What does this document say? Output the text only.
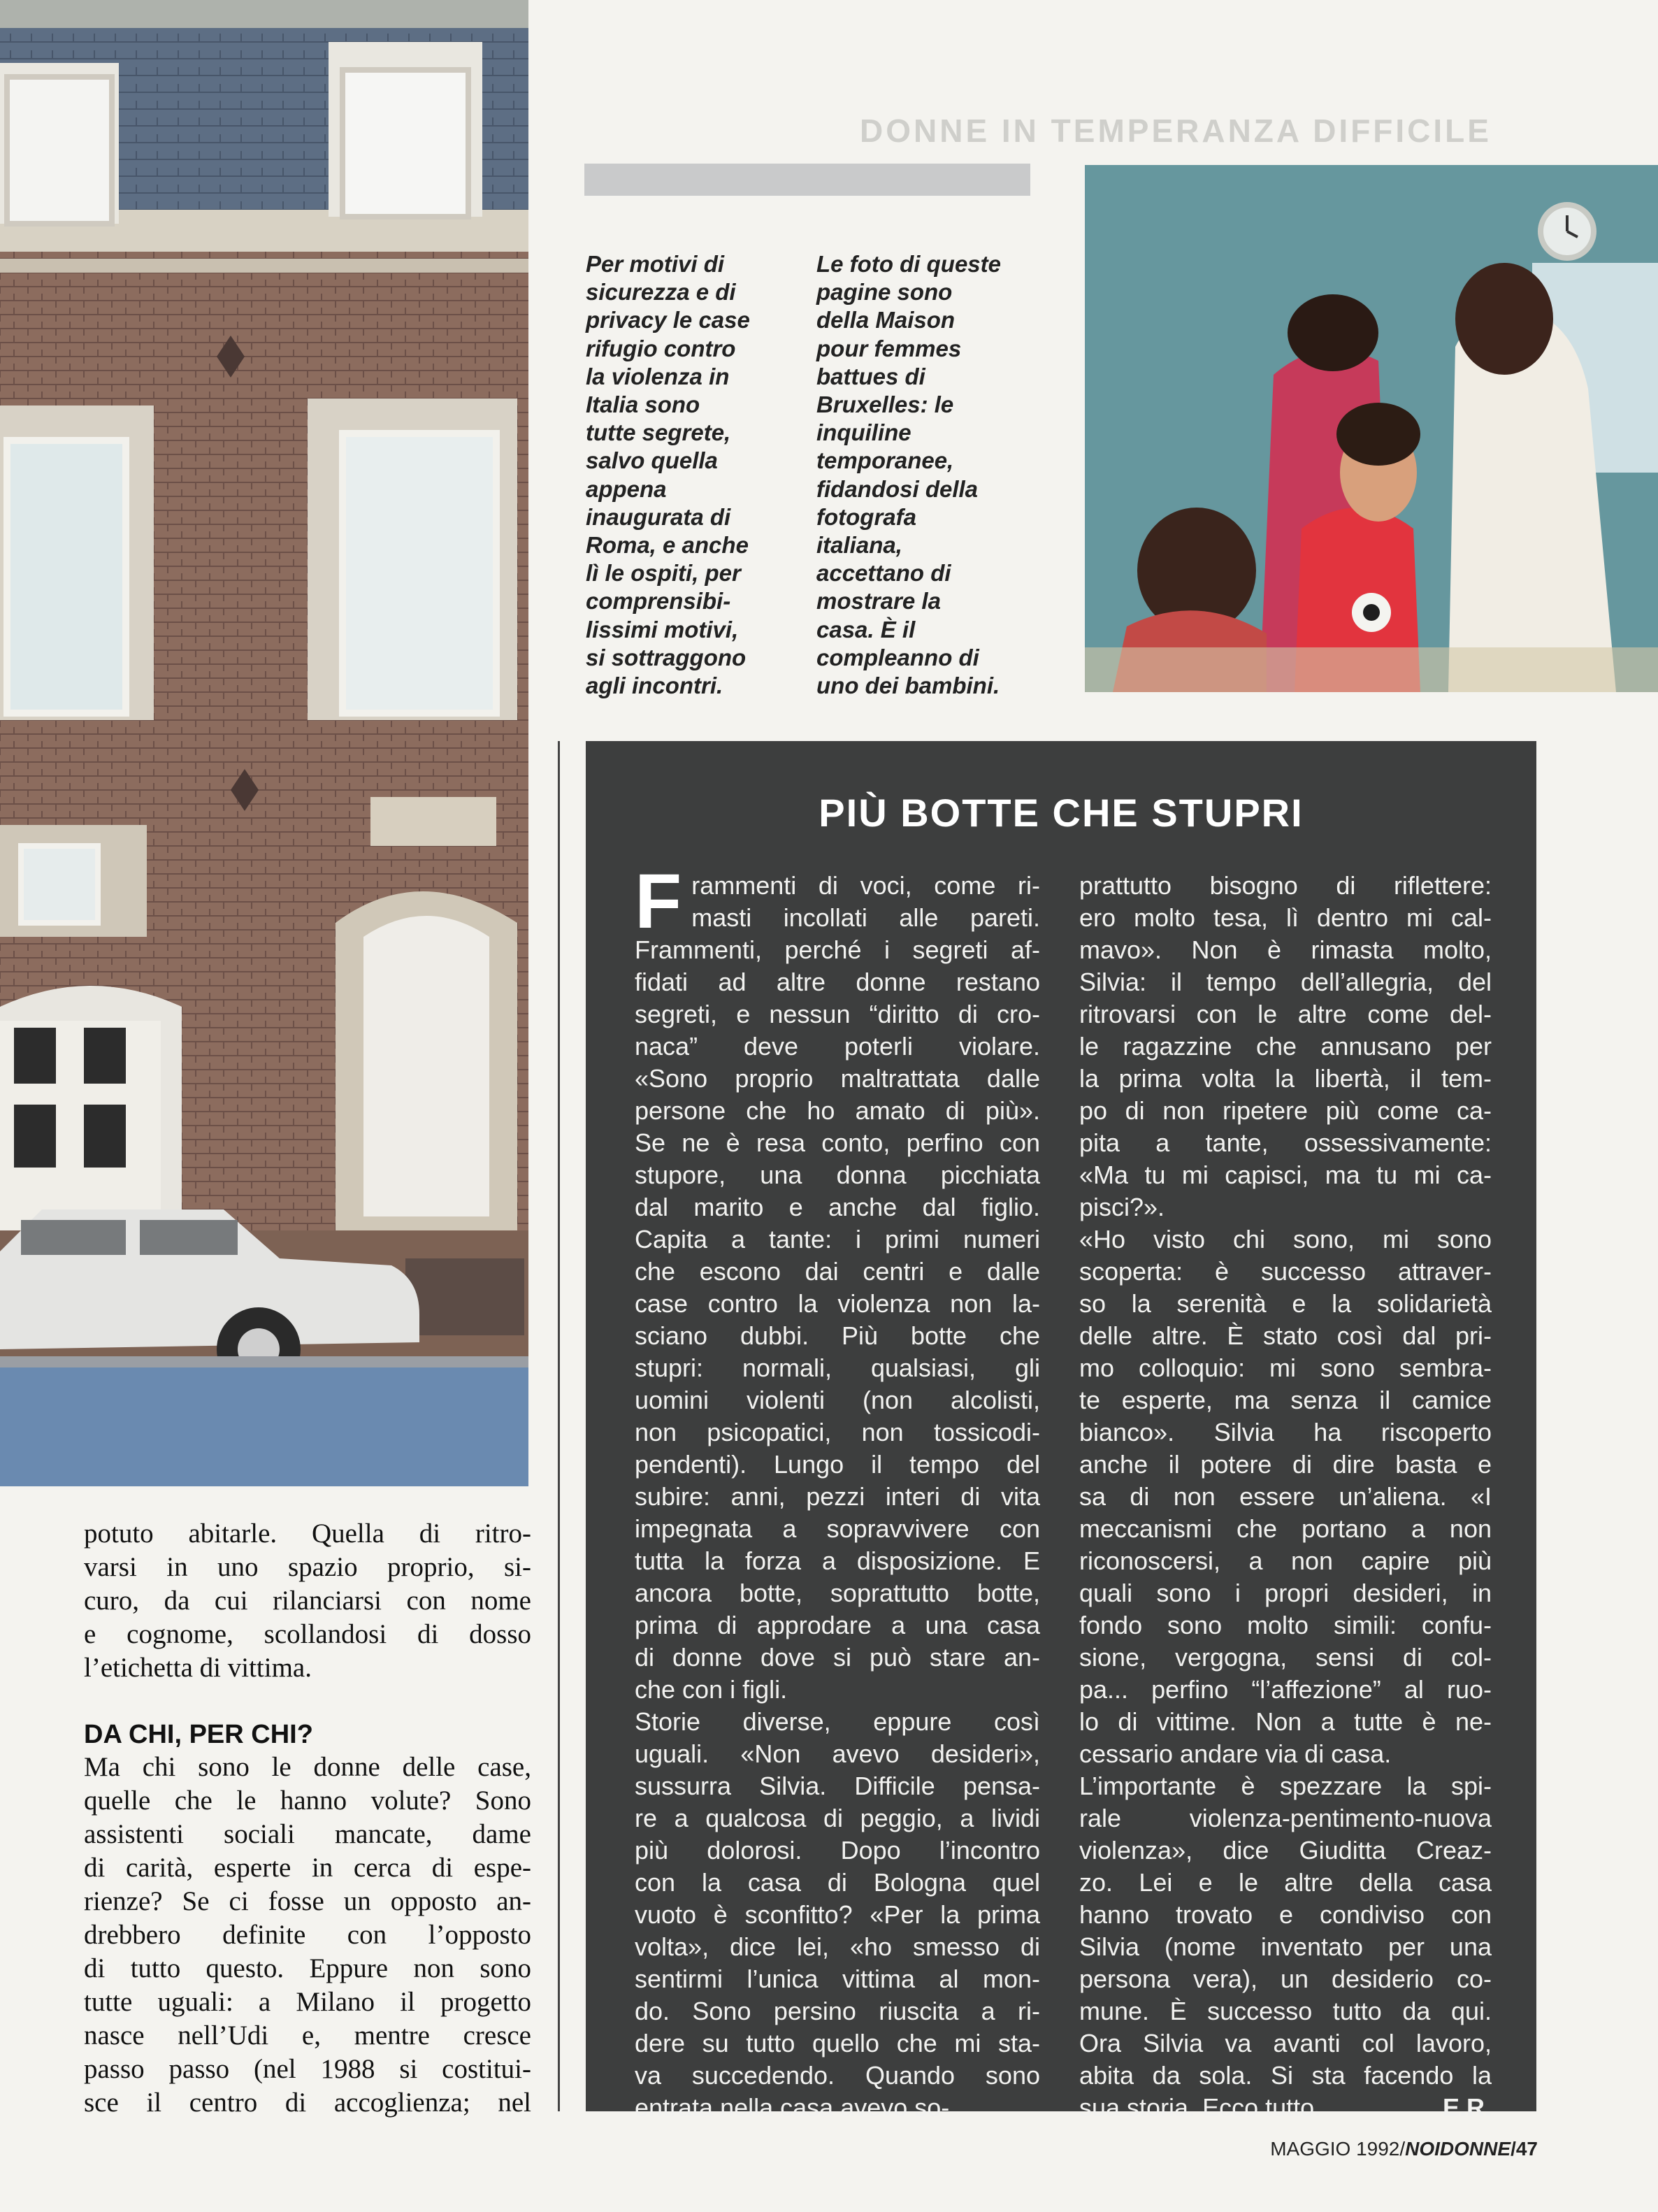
DONNE IN TEMPERANZA DIFFICILE
Per motivi di
sicurezza e di
privacy le case
rifugio contro
la violenza in
Italia sono
tutte segrete,
salvo quella
appena
inaugurata di
Roma, e anche
lì le ospiti, per
comprensibi-
lissimi motivi,
si sottraggono
agli incontri.
Le foto di queste
pagine sono
della Maison
pour femmes
battues di
Bruxelles: le
inquiline
temporanee,
fidandosi della
fotografa
italiana,
accettano di
mostrare la
casa. È il
compleanno di
uno dei bambini.
potuto abitarle. Quella di ritro-
varsi in uno spazio proprio, si-
curo, da cui rilanciarsi con nome
e cognome, scollandosi di dosso
l’etichetta di vittima.
DA CHI, PER CHI?
Ma chi sono le donne delle case,
quelle che le hanno volute? Sono
assistenti sociali mancate, dame
di carità, esperte in cerca di espe-
rienze? Se ci fosse un opposto an-
drebbero definite con l’opposto
di tutto questo. Eppure non sono
tutte uguali: a Milano il progetto
nasce nell’Udi e, mentre cresce
passo passo (nel 1988 si costitui-
sce il centro di accoglienza; nel
PIÙ BOTTE CHE STUPRI
F rammenti di voci, come ri-
masti incollati alle pareti.
Frammenti, perché i segreti af-
fidati ad altre donne restano
segreti, e nessun “diritto di cro-
naca” deve poterli violare.
«Sono proprio maltrattata dalle
persone che ho amato di più».
Se ne è resa conto, perfino con
stupore, una donna picchiata
dal marito e anche dal figlio.
Capita a tante: i primi numeri
che escono dai centri e dalle
case contro la violenza non la-
sciano dubbi. Più botte che
stupri: normali, qualsiasi, gli
uomini violenti (non alcolisti,
non psicopatici, non tossicodi-
pendenti). Lungo il tempo del
subire: anni, pezzi interi di vita
impegnata a sopravvivere con
tutta la forza a disposizione. E
ancora botte, soprattutto botte,
prima di approdare a una casa
di donne dove si può stare an-
che con i figli.
Storie diverse, eppure così
uguali. «Non avevo desideri»,
sussurra Silvia. Difficile pensa-
re a qualcosa di peggio, a lividi
più dolorosi. Dopo l’incontro
con la casa di Bologna quel
vuoto è sconfitto? «Per la prima
volta», dice lei, «ho smesso di
sentirmi l’unica vittima al mon-
do. Sono persino riuscita a ri-
dere su tutto quello che mi sta-
va succedendo. Quando sono
entrata nella casa avevo so-
prattutto bisogno di riflettere:
ero molto tesa, lì dentro mi cal-
mavo». Non è rimasta molto,
Silvia: il tempo dell’allegria, del
ritrovarsi con le altre come del-
le ragazzine che annusano per
la prima volta la libertà, il tem-
po di non ripetere più come ca-
pita a tante, ossessivamente:
«Ma tu mi capisci, ma tu mi ca-
pisci?».
«Ho visto chi sono, mi sono
scoperta: è successo attraver-
so la serenità e la solidarietà
delle altre. È stato così dal pri-
mo colloquio: mi sono sembra-
te esperte, ma senza il camice
bianco». Silvia ha riscoperto
anche il potere di dire basta e
sa di non essere un’aliena. «I
meccanismi che portano a non
riconoscersi, a non capire più
quali sono i propri desideri, in
fondo sono molto simili: confu-
sione, vergogna, sensi di col-
pa... perfino “l’affezione” al ruo-
lo di vittime. Non a tutte è ne-
cessario andare via di casa.
L’importante è spezzare la spi-
rale violenza-pentimento-nuova
violenza», dice Giuditta Creaz-
zo. Lei e le altre della casa
hanno trovato e condiviso con
Silvia (nome inventato per una
persona vera), un desiderio co-
mune. È successo tutto da qui.
Ora Silvia va avanti col lavoro,
abita da sola. Si sta facendo la
sua storia. Ecco tutto.	E.R.
MAGGIO 1992/NOIDONNE/47
